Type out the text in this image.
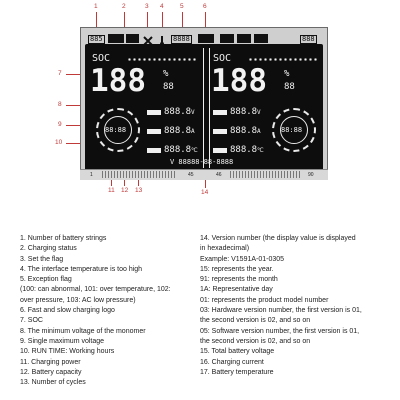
1	2	3 4	5	6
7
8
9
10
11 12 13	14
885	8888	888
SOC
188 %
88
88:88
888.8 V
888.8 A
888.8 ℃
SOC
188 %
88
888.8 V
888.8 A
888.8 ℃
88:88
V 88888-88-8888
1	45	46	90
1. Number of battery strings
2. Charging status
3. Set the flag
4. The interface temperature is too high
5. Exception flag
(100: can abnormal, 101: over temperature, 102:
over pressure, 103: AC low pressure)
6. Fast and slow charging logo
7. SOC
8. The minimum voltage of the monomer
9. Single maximum voltage
10. RUN TIME: Working hours
11. Charging power
12. Battery capacity
13. Number of cycles
14. Version number (the display value is displayed
in hexadecimal)
Example: V1591A-01-0305
15: represents the year.
91: represents the month
1A: Representative day
01: represents the product model number
03: Hardware version number, the first version is 01,
the second version is 02, and so on
05: Software version number, the first version is 01,
the second version is 02, and so on
15. Total battery voltage
16. Charging current
17. Battery temperature
